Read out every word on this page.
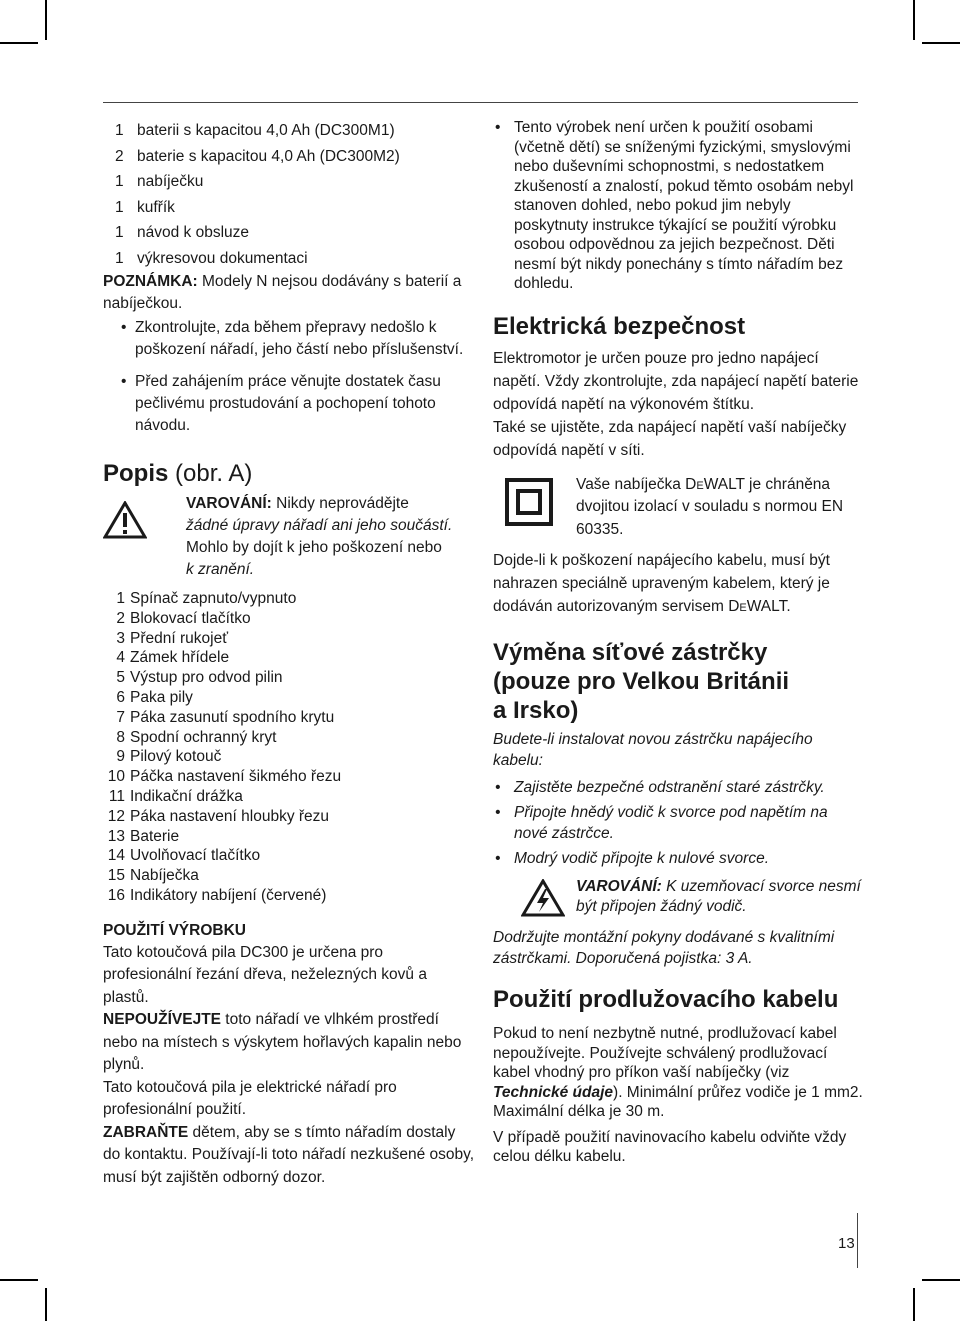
13
1 baterii s kapacitou 4,0 Ah (DC300M1)
2 baterie s kapacitou 4,0 Ah (DC300M2)
1 nabíječku
1 kufřík
1 návod k obsluze
1 výkresovou dokumentaci

POZNÁMKA: Modely N nejsou dodávány s baterií a nabíječkou.

• Zkontrolujte, zda během přepravy nedošlo k poškození nářadí, jeho částí nebo příslušenství.
• Před zahájením práce věnujte dostatek času pečlivému prostudování a pochopení tohoto návodu.
Popis (obr. A)
VAROVÁNÍ: Nikdy neprovádějte
žádné úpravy nářadí ani jeho součástí. Mohlo by dojít k jeho poškození nebo
k zranění.
1 Spínač zapnuto/vypnuto
2 Blokovací tlačítko
3 Přední rukojeť
4 Zámek hřídele
5 Výstup pro odvod pilin
6 Paka pily
7 Páka zasunutí spodního krytu
8 Spodní ochranný kryt
9 Pilový kotouč
10 Páčka nastavení šikmého řezu
11 Indikační drážka
12 Páka nastavení hloubky řezu
13 Baterie
14 Uvolňovací tlačítko
15 Nabíječka
16 Indikátory nabíjení (červené)
POUŽITÍ VÝROBKU

Tato kotoučová pila DC300 je určena pro profesionální řezání dřeva, neželezných kovů a plastů.

NEPOUŽÍVEJTE toto nářadí ve vlhkém prostředí nebo na místech s výskytem hořlavých kapalin nebo plynů.

Tato kotoučová pila je elektrické nářadí pro profesionální použití.

ZABRAŇTE dětem, aby se s tímto nářadím dostaly do kontaktu. Používají-li toto nářadí nezkušené osoby, musí být zajištěn odborný dozor.

• Tento výrobek není určen k použití osobami (včetně dětí) se sníženými fyzickými, smyslovými nebo duševními schopnostmi, s nedostatkem zkušeností a znalostí, pokud těmto osobám nebyl stanoven dohled, nebo pokud jim nebyly poskytnuty instrukce týkající se použití výrobku osobou odpovědnou za jejich bezpečnost. Děti nesmí být nikdy ponechány s tímto nářadím bez dohledu.
Elektrická bezpečnost

Elektromotor je určen pouze pro jedno napájecí napětí. Vždy zkontrolujte, zda napájecí napětí baterie odpovídá napětí na výkonovém štítku.

Také se ujistěte, zda napájecí napětí vaší nabíječky odpovídá napětí v síti.

Vaše nabíječka DeWALT je chráněna dvojitou izolací v souladu s normou EN 60335.

Dojde-li k poškození napájecího kabelu, musí být nahrazen speciálně upraveným kabelem, který je dodáván autorizovaným servisem DeWALT.

Výměna síťové zástrčky
(pouze pro Velkou Británii
a Irsko)

Budete-li instalovat novou zástrčku napájecího kabelu:

• Zajistěte bezpečné odstranění staré zástrčky.
• Připojte hnědý vodič k svorce pod napětím na nové zástrčce.
• Modrý vodič připojte k nulové svorce.
VAROVÁNÍ: K uzemňovací svorce nesmí být připojen žádný vodič.

Dodržujte montážní pokyny dodávané s kvalitními zástrčkami. Doporučená pojistka: 3 A.

Použití prodlužovacího kabelu

Pokud to není nezbytně nutné, prodlužovací kabel nepoužívejte. Používejte schválený prodlužovací kabel vhodný pro příkon vaší nabíječky (viz Technické údaje). Minimální průřez vodiče je 1 mm2. Maximální délka je 30 m.

V případě použití navinovacího kabelu odviňte vždy celou délku kabelu.
